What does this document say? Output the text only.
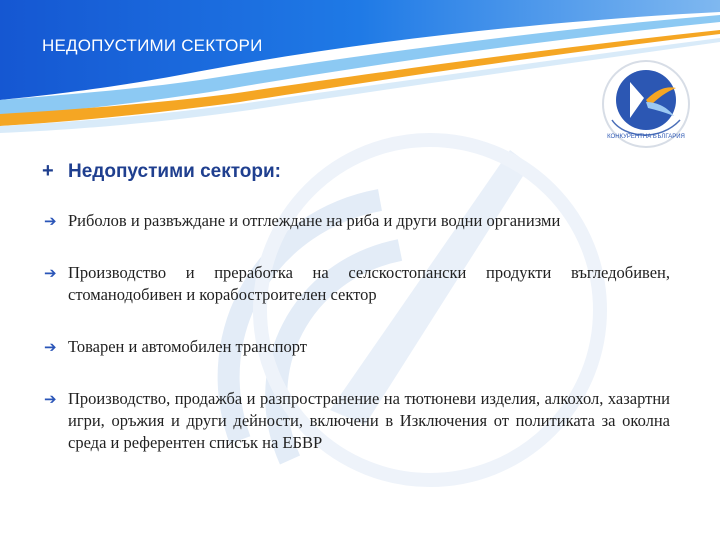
НЕДОПУСТИМИ СЕКТОРИ
КОНКУРЕНТНА БЪЛГАРИЯ
+ Недопустими сектори:
➔ Риболов и развъждане и отглеждане на риба и други водни организми
➔ Производство и преработка на селскостопански продукти въгледобивен, стоманодобивен и корабостроителен сектор
➔ Товарен и автомобилен транспорт
➔ Производство, продажба и разпространение на тютюневи изделия, алкохол, хазартни игри, оръжия и други дейности, включени в Изключения от политиката за околна среда и референтен списък на ЕБВР
